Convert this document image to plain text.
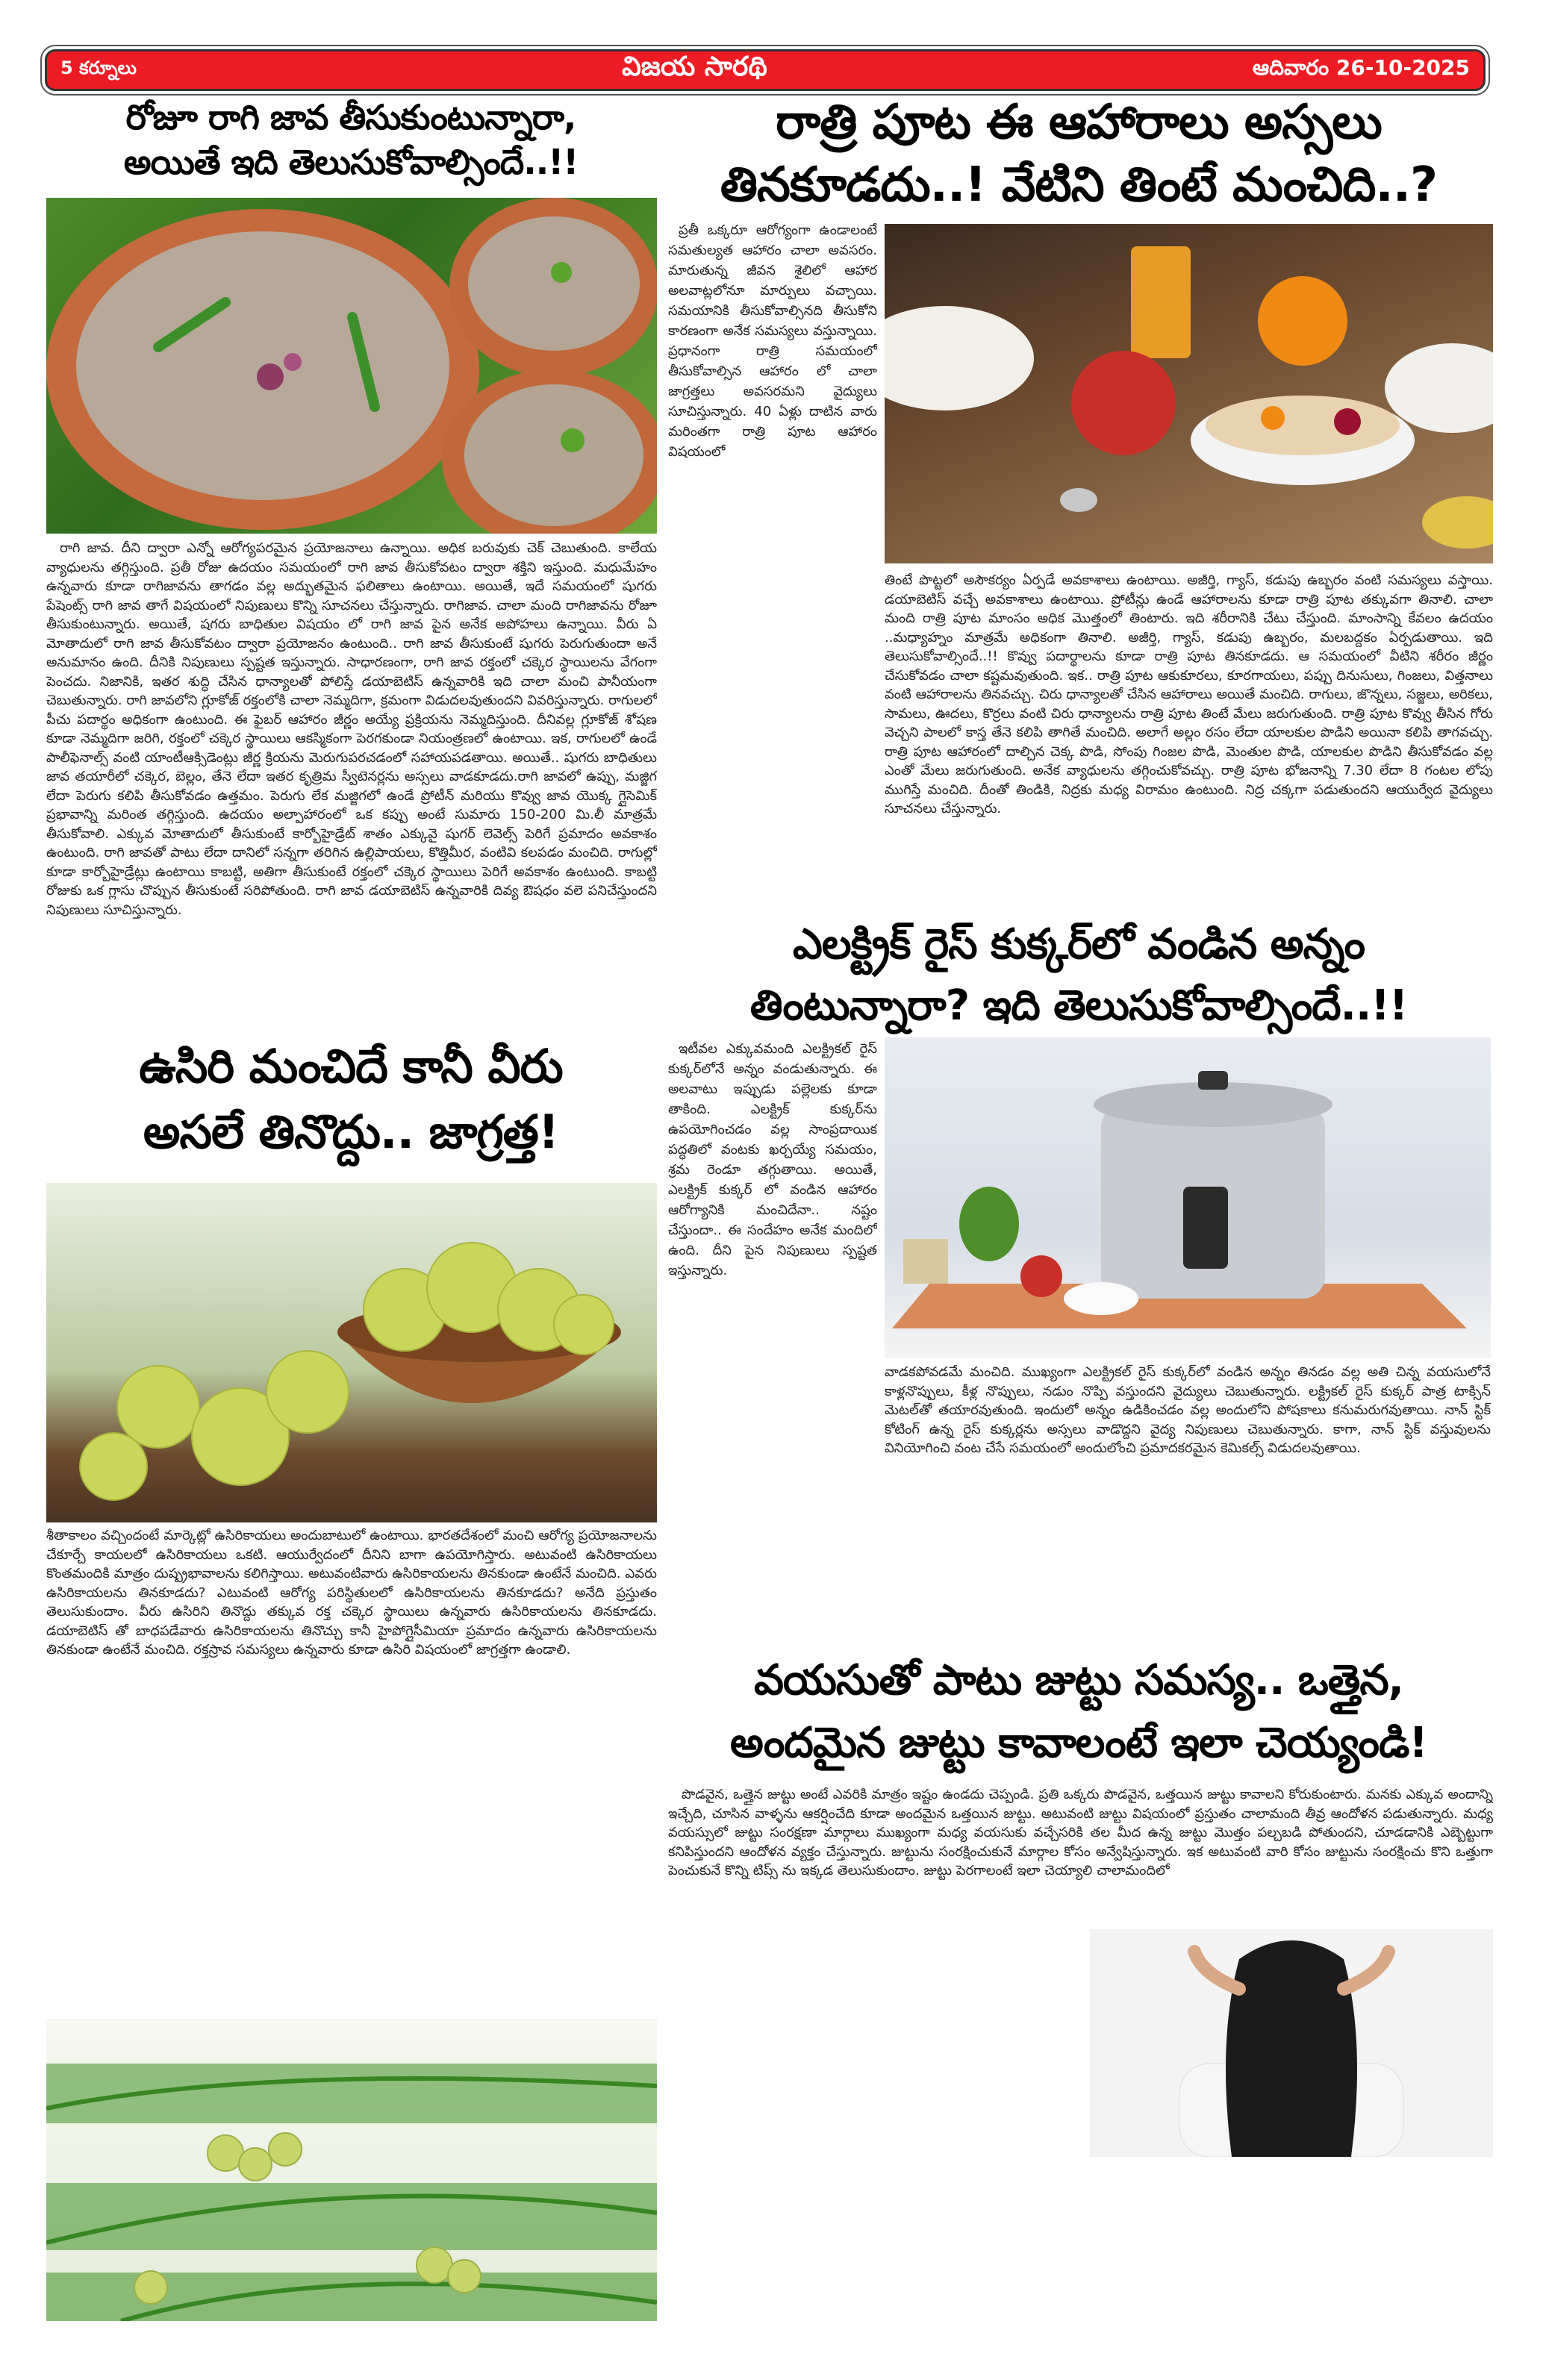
5 కర్నూలు	విజయ సారథి	ఆదివారం 26-10-2025
రోజూ రాగి జావ తీసుకుంటున్నారా,
అయితే ఇది తెలుసుకోవాల్సిందే..!!
రాగి జావ. దీని ద్వారా ఎన్నో ఆరోగ్యపరమైన ప్రయోజనాలు ఉన్నాయి. అధిక బరువుకు చెక్ చెబుతుంది. కాలేయ వ్యాధులను తగ్గిస్తుంది. ప్రతీ రోజు ఉదయం సమయంలో రాగి జావ తీసుకోవటం ద్వారా శక్తిని ఇస్తుంది. మధుమేహం ఉన్నవారు కూడా రాగిజావను తాగడం వల్ల అద్భుతమైన ఫలితాలు ఉంటాయి. అయితే, ఇదే సమయంలో షుగరు పేషెంట్స్ రాగి జావ తాగే విషయంలో నిపుణులు కొన్ని సూచనలు చేస్తున్నారు. రాగిజావ. చాలా మంది రాగిజావను రోజూ తీసుకుంటున్నారు. అయితే, షగరు బాధితుల విషయం లో రాగి జావ పైన అనేక అపోహలు ఉన్నాయి. వీరు ఏ మోతాదులో రాగి జావ తీసుకోవటం ద్వారా ప్రయోజనం ఉంటుంది.. రాగి జావ తీసుకుంటే షుగరు పెరుగుతుందా అనే అనుమానం ఉంది. దీనికి నిపుణులు స్పష్టత ఇస్తున్నారు. సాధారణంగా, రాగి జావ రక్తంలో చక్కెర స్థాయిలను వేగంగా పెంచదు. నిజానికి, ఇతర శుద్ధి చేసిన ధాన్యాలతో పోలిస్తే డయాబెటిస్ ఉన్నవారికి ఇది చాలా మంచి పానీయంగా చెబుతున్నారు. రాగి జావలోని గ్లూకోజ్ రక్తంలోకి చాలా నెమ్మదిగా, క్రమంగా విడుదలవుతుందని వివరిస్తున్నారు. రాగులలో పీచు పదార్థం అధికంగా ఉంటుంది. ఈ ఫైబర్ ఆహారం జీర్ణం అయ్యే ప్రక్రియను నెమ్మదిస్తుంది. దీనివల్ల గ్లూకోజ్ శోషణ కూడా నెమ్మదిగా జరిగి, రక్తంలో చక్కెర స్థాయిలు ఆకస్మికంగా పెరగకుండా నియంత్రణలో ఉంటాయి. ఇక, రాగులలో ఉండే పాలీఫెనాల్స్ వంటి యాంటీఆక్సిడెంట్లు జీర్ణ క్రియను మెరుగుపరచడంలో సహాయపడతాయి. అయితే.. షుగరు బాధితులు జావ తయారీలో చక్కెర, బెల్లం, తేనె లేదా ఇతర కృత్రిమ స్వీటెనర్లను అస్సలు వాడకూడదు.రాగి జావలో ఉప్పు, మజ్జిగ లేదా పెరుగు కలిపి తీసుకోవడం ఉత్తమం. పెరుగు లేక మజ్జిగలో ఉండే ప్రోటీన్ మరియు కొవ్వు జావ యొక్క గ్లైసెమిక్ ప్రభావాన్ని మరింత తగ్గిస్తుంది. ఉదయం అల్పాహారంలో ఒక కప్పు అంటే సుమారు 150-200 మి.లీ మాత్రమే తీసుకోవాలి. ఎక్కువ మోతాదులో తీసుకుంటే కార్బోహైడ్రేట్ శాతం ఎక్కువై షుగర్ లెవెల్స్ పెరిగే ప్రమాదం అవకాశం ఉంటుంది. రాగి జావతో పాటు లేదా దానిలో సన్నగా తరిగిన ఉల్లిపాయలు, కొత్తిమీర, వంటివి కలపడం మంచిది. రాగుల్లో కూడా కార్బోహైడ్రేట్లు ఉంటాయి కాబట్టి, అతిగా తీసుకుంటే రక్తంలో చక్కెర స్థాయిలు పెరిగే అవకాశం ఉంటుంది. కాబట్టి రోజుకు ఒక గ్లాసు చొప్పున తీసుకుంటే సరిపోతుంది. రాగి జావ డయాబెటిస్ ఉన్నవారికి దివ్య ఔషధం వలె పనిచేస్తుందని నిపుణులు సూచిస్తున్నారు.
ఉసిరి మంచిదే కానీ వీరు
అసలే తినొద్దు.. జాగ్రత్త!
శీతాకాలం వచ్చిందంటే మార్కెట్లో ఉసిరికాయలు అందుబాటులో ఉంటాయి. భారతదేశంలో మంచి ఆరోగ్య ప్రయోజనాలను చేకూర్చే కాయలలో ఉసిరికాయలు ఒకటి. ఆయుర్వేదంలో దీనిని బాగా ఉపయోగిస్తారు. అటువంటి ఉసిరికాయలు కొంతమందికి మాత్రం దుష్ప్రభావాలను కలిగిస్తాయి. అటువంటివారు ఉసిరికాయలను తినకుండా ఉంటేనే మంచిది. ఎవరు ఉసిరికాయలను తినకూడదు? ఎటువంటి ఆరోగ్య పరిస్థితులలో ఉసిరికాయలను తినకూడదు? అనేది ప్రస్తుతం తెలుసుకుందాం. వీరు ఉసిరిని తినొద్దు తక్కువ రక్త చక్కెర స్థాయిలు ఉన్నవారు ఉసిరికాయలను తినకూడదు. డయాబెటిస్ తో బాధపడేవారు ఉసిరికాయలను తినొచ్చు కానీ హైపోగ్లైసీమియా ప్రమాదం ఉన్నవారు ఉసిరికాయలను తినకుండా ఉంటేనే మంచిది. రక్తస్రావ సమస్యలు ఉన్నవారు కూడా ఉసిరి విషయంలో జాగ్రత్తగా ఉండాలి.
రాత్రి పూట ఈ ఆహారాలు అస్సలు
తినకూడదు..! వేటిని తింటే మంచిది..?
ప్రతీ ఒక్కరూ ఆరోగ్యంగా ఉండాలంటే సమతుల్యత ఆహారం చాలా అవసరం. మారుతున్న జీవన శైలిలో ఆహార అలవాట్లలోనూ మార్పులు వచ్చాయి. సమయానికి తీసుకోవాల్సినది తీసుకోని కారణంగా అనేక సమస్యలు వస్తున్నాయి. ప్రధానంగా రాత్రి సమయంలో తీసుకోవాల్సిన ఆహారం లో చాలా జాగ్రత్తలు అవసరమని వైద్యులు సూచిస్తున్నారు. 40 ఏళ్లు దాటిన వారు మరింతగా రాత్రి పూట ఆహారం విషయంలో
తింటే పొట్టలో అసౌకర్యం ఏర్పడే అవకాశాలు ఉంటాయి. అజీర్తి, గ్యాస్, కడుపు ఉబ్బరం వంటి సమస్యలు వస్తాయి. డయాబెటిస్ వచ్చే అవకాశాలు ఉంటాయి. ప్రోటీన్లు ఉండే ఆహారాలను కూడా రాత్రి పూట తక్కువగా తినాలి. చాలా మంది రాత్రి పూట మాంసం అధిక మొత్తంలో తింటారు. ఇది శరీరానికి చేటు చేస్తుంది. మాంసాన్ని కేవలం ఉదయం ..మధ్యాహ్నం మాత్రమే అధికంగా తినాలి. అజీర్తి, గ్యాస్, కడుపు ఉబ్బరం, మలబద్దకం ఏర్పడుతాయి. ఇది తెలుసుకోవాల్సిందే..!! కొవ్వు పదార్థాలను కూడా రాత్రి పూట తినకూడదు. ఆ సమయంలో వీటిని శరీరం జీర్ణం చేసుకోవడం చాలా కష్టమవుతుంది. ఇక.. రాత్రి పూట ఆకుకూరలు, కూరగాయలు, పప్పు దినుసులు, గింజలు, విత్తనాలు వంటి ఆహారాలను తినవచ్చు. చిరు ధాన్యాలతో చేసిన ఆహారాలు అయితే మంచిది. రాగులు, జొన్నలు, సజ్జలు, అరికలు, సామలు, ఊదలు, కొర్రలు వంటి చిరు ధాన్యాలను రాత్రి పూట తింటే మేలు జరుగుతుంది. రాత్రి పూట కొవ్వు తీసిన గోరు వెచ్చని పాలలో కాస్త తేనె కలిపి తాగితే మంచిది. అలాగే అల్లం రసం లేదా యాలకుల పొడిని అయినా కలిపి తాగవచ్చు. రాత్రి పూట ఆహారంలో దాల్చిన చెక్క పొడి, సోంపు గింజల పొడి, మెంతుల పొడి, యాలకుల పొడిని తీసుకోవడం వల్ల ఎంతో మేలు జరుగుతుంది. అనేక వ్యాధులను తగ్గించుకోవచ్చు. రాత్రి పూట భోజనాన్ని 7.30 లేదా 8 గంటల లోపు ముగిస్తే మంచిది. దీంతో తిండికి, నిద్రకు మధ్య విరామం ఉంటుంది. నిద్ర చక్కగా పడుతుందని ఆయుర్వేద వైద్యులు సూచనలు చేస్తున్నారు.
ఎలక్ట్రిక్ రైస్ కుక్కర్‌లో వండిన అన్నం
తింటున్నారా? ఇది తెలుసుకోవాల్సిందే..!!
ఇటీవల ఎక్కువమంది ఎలక్ట్రికల్ రైస్ కుక్కర్‌లోనే అన్నం వండుతున్నారు. ఈ అలవాటు ఇప్పుడు పల్లెలకు కూడా తాకింది. ఎలక్ట్రిక్ కుక్కర్‌ను ఉపయోగించడం వల్ల సాంప్రదాయిక పద్ధతిలో వంటకు ఖర్చయ్యే సమయం, శ్రమ రెండూ తగ్గుతాయి. అయితే, ఎలక్ట్రిక్ కుక్కర్ లో వండిన ఆహారం ఆరోగ్యానికి మంచిదేనా.. నష్టం చేస్తుందా.. ఈ సందేహం అనేక మందిలో ఉంది. దీని పైన నిపుణులు స్పష్టత ఇస్తున్నారు.
వాడకపోవడమే మంచిది. ముఖ్యంగా ఎలక్ట్రికల్ రైస్ కుక్కర్‌లో వండిన అన్నం తినడం వల్ల అతి చిన్న వయసులోనే కాళ్లనొప్పులు, కీళ్ల నొప్పులు, నడుం నొప్పి వస్తుందని వైద్యులు చెబుతున్నారు. లక్ట్రికల్ రైస్ కుక్కర్ పాత్ర టాక్సిన్ మెటల్‌తో తయారవుతుంది. ఇందులో అన్నం ఉడికించడం వల్ల అందులోని పోషకాలు కనుమరుగవుతాయి. నాన్ స్టిక్ కోటింగ్ ఉన్న రైస్ కుక్కర్లను అస్సలు వాడొద్దని వైద్య నిపుణులు చెబుతున్నారు. కాగా, నాన్ స్టిక్ వస్తువులను వినియోగించి వంట చేసే సమయంలో అందులోంచి ప్రమాదకరమైన కెమికల్స్ విడుదలవుతాయి.
వయసుతో పాటు జుట్టు సమస్య.. ఒత్తైన,
అందమైన జుట్టు కావాలంటే ఇలా చెయ్యండి!
పొడవైన, ఒత్తైన జుట్టు అంటే ఎవరికి మాత్రం ఇష్టం ఉండదు చెప్పండి. ప్రతి ఒక్కరు పొడవైన, ఒత్తయిన జుట్టు కావాలని కోరుకుంటారు. మనకు ఎక్కువ అందాన్ని ఇచ్చేది, చూసిన వాళ్ళను ఆకర్షించేది కూడా అందమైన ఒత్తయిన జుట్టు. అటువంటి జుట్టు విషయంలో ప్రస్తుతం చాలామంది తీవ్ర ఆందోళన పడుతున్నారు. మధ్య వయస్సులో జుట్టు సంరక్షణా మార్గాలు ముఖ్యంగా మధ్య వయసుకు వచ్చేసరికి తల మీద ఉన్న జుట్టు మొత్తం పల్చబడి పోతుందని, చూడడానికి ఎబ్బెట్టుగా కనిపిస్తుందని ఆందోళన వ్యక్తం చేస్తున్నారు. జుట్టును సంరక్షించుకునే మార్గాల కోసం అన్వేషిస్తున్నారు. ఇక అటువంటి వారి కోసం జుట్టును సంరక్షించు కొని ఒత్తుగా పెంచుకునే కొన్ని టిప్స్ ను ఇక్కడ తెలుసుకుందాం. జుట్టు పెరగాలంటే ఇలా చెయ్యాలి చాలామందిలో
